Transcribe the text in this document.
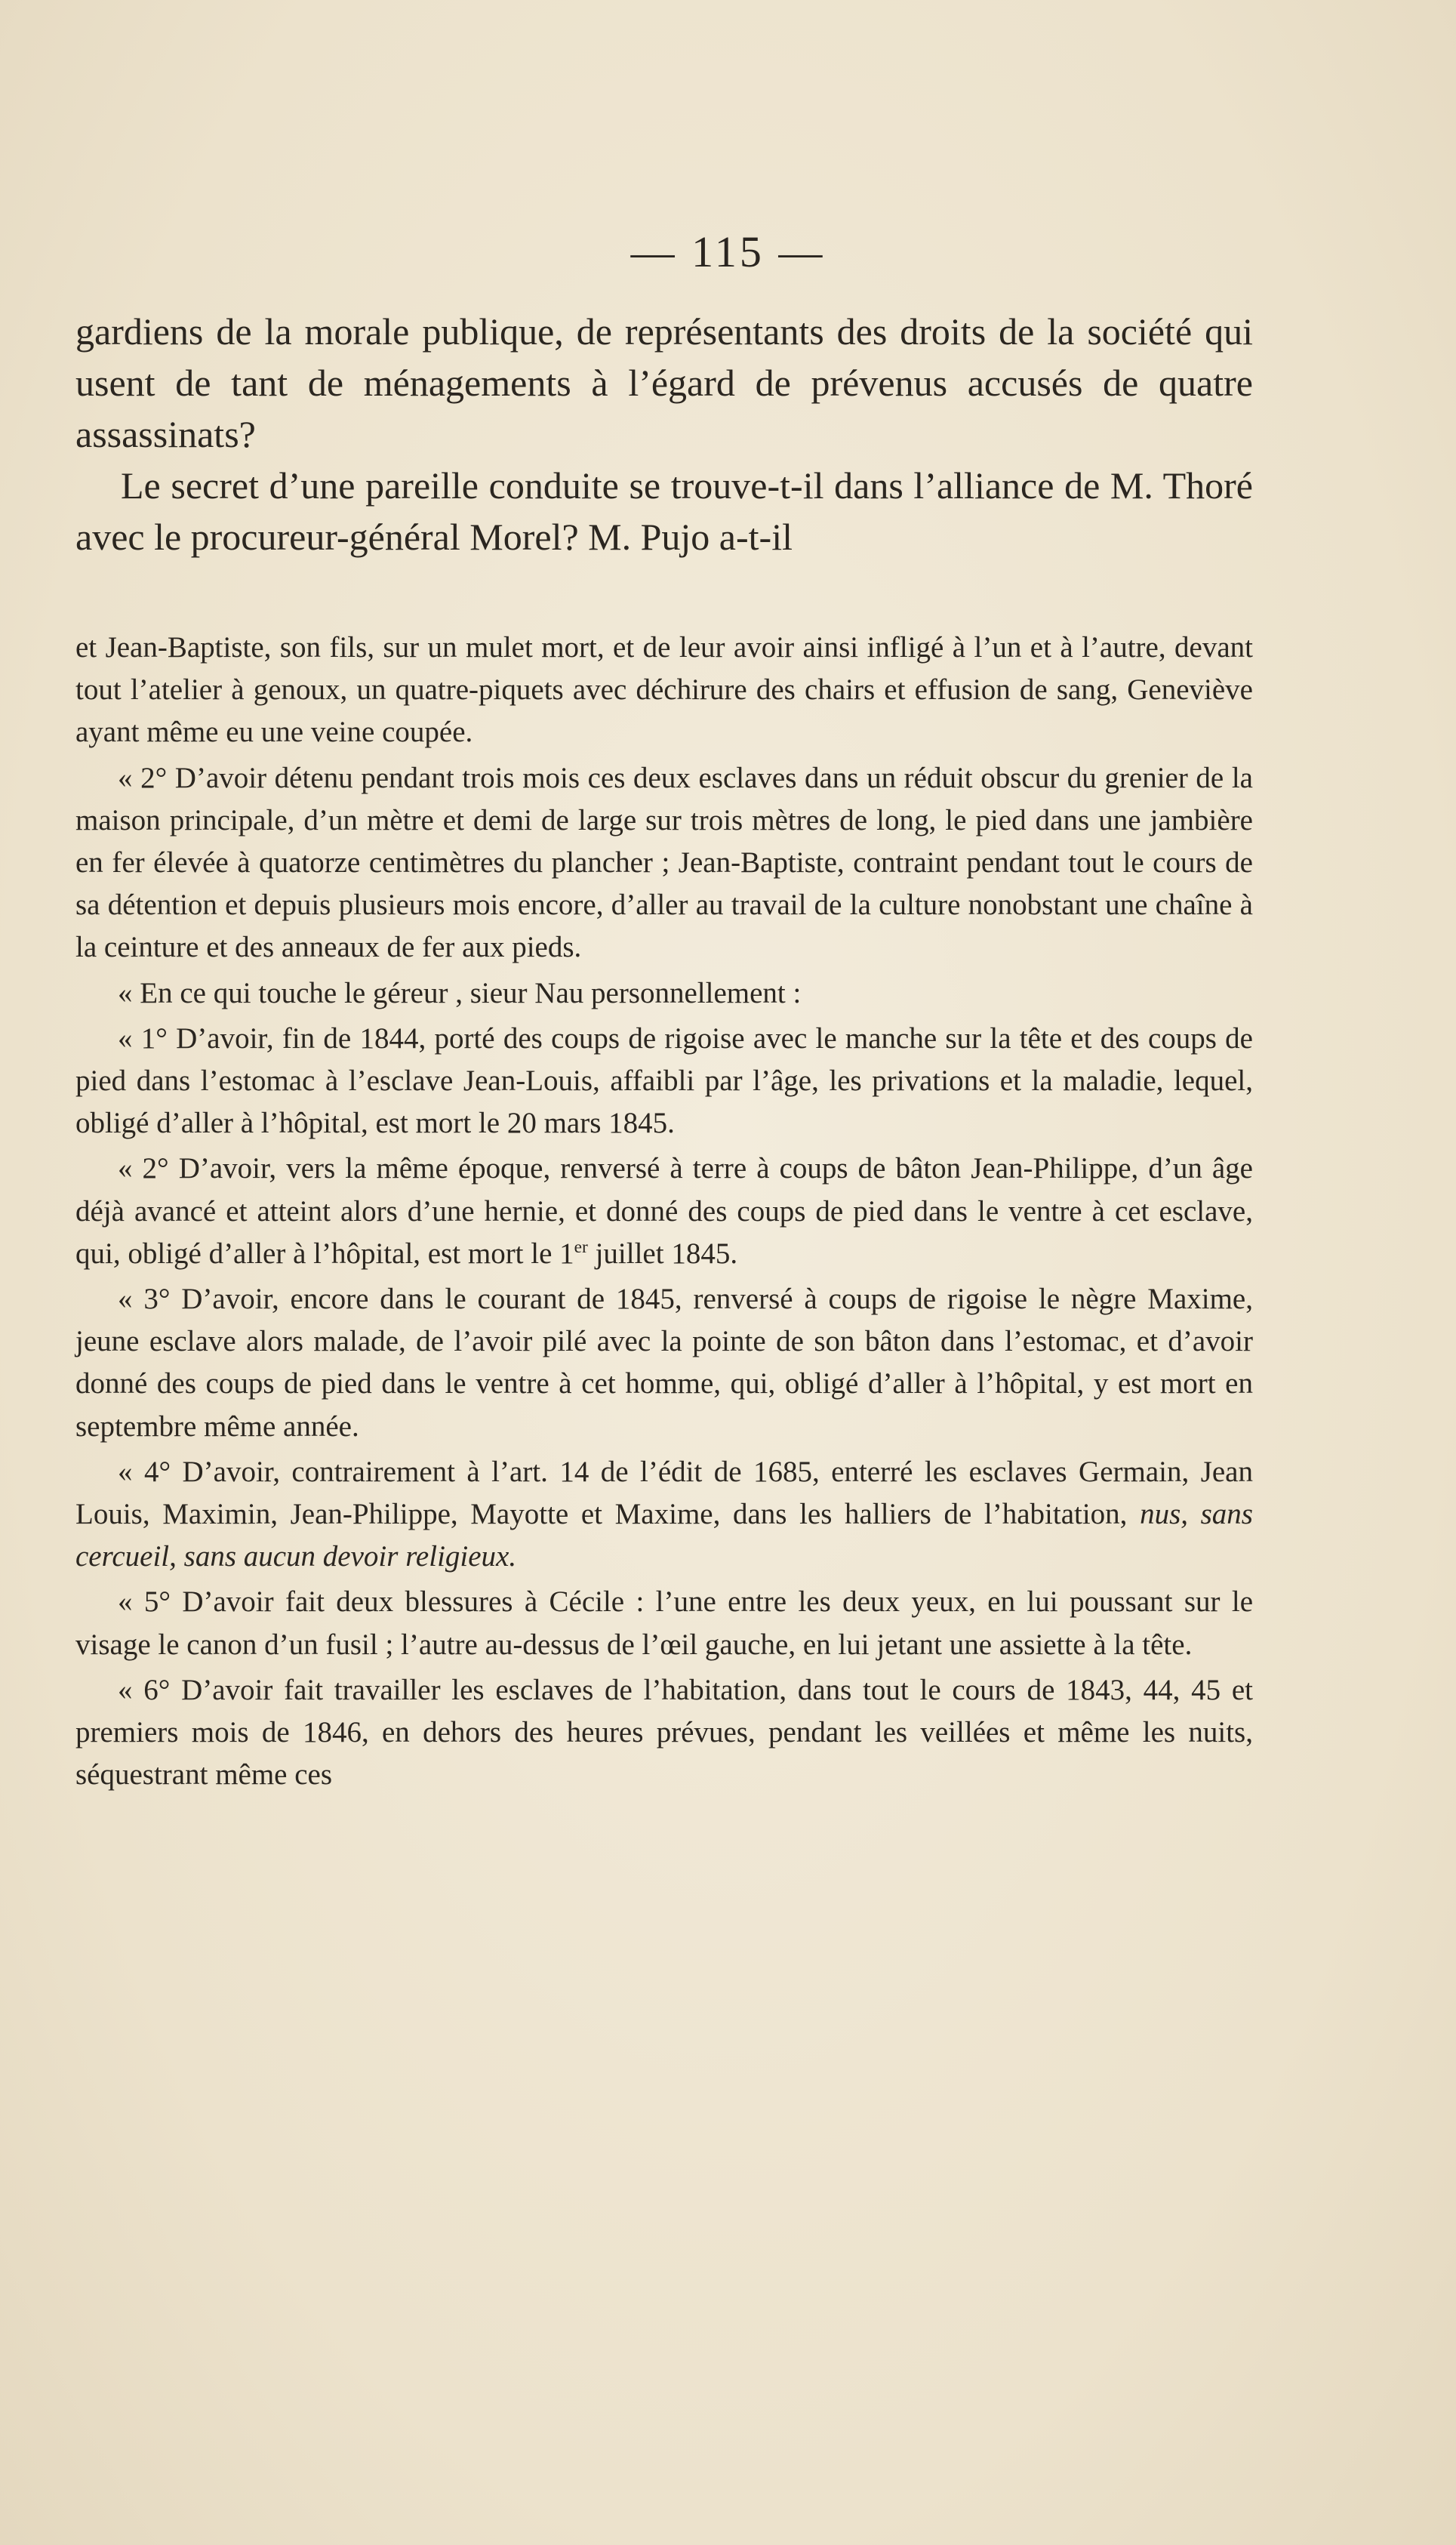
— 115 —

gardiens de la morale publique, de représentants des droits de la société qui usent de tant de ménagements à l’égard de prévenus accusés de quatre assassinats?

Le secret d’une pareille conduite se trouve-t-il dans l’alliance de M. Thoré avec le procureur-général Morel? M. Pujo a-t-il

et Jean-Baptiste, son fils, sur un mulet mort, et de leur avoir ainsi infligé à l’un et à l’autre, devant tout l’atelier à genoux, un quatre-piquets avec déchirure des chairs et effusion de sang, Geneviève ayant même eu une veine coupée.

« 2° D’avoir détenu pendant trois mois ces deux esclaves dans un réduit obscur du grenier de la maison principale, d’un mètre et demi de large sur trois mètres de long, le pied dans une jambière en fer élevée à quatorze centimètres du plancher ; Jean-Baptiste, contraint pendant tout le cours de sa détention et depuis plusieurs mois encore, d’aller au travail de la culture nonobstant une chaîne à la ceinture et des anneaux de fer aux pieds.

« En ce qui touche le géreur , sieur Nau personnellement :

« 1° D’avoir, fin de 1844, porté des coups de rigoise avec le manche sur la tête et des coups de pied dans l’estomac à l’esclave Jean-Louis, affaibli par l’âge, les privations et la maladie, lequel, obligé d’aller à l’hôpital, est mort le 20 mars 1845.

« 2° D’avoir, vers la même époque, renversé à terre à coups de bâton Jean-Philippe, d’un âge déjà avancé et atteint alors d’une hernie, et donné des coups de pied dans le ventre à cet esclave, qui, obligé d’aller à l’hôpital, est mort le 1er juillet 1845.

« 3° D’avoir, encore dans le courant de 1845, renversé à coups de rigoise le nègre Maxime, jeune esclave alors malade, de l’avoir pilé avec la pointe de son bâton dans l’estomac, et d’avoir donné des coups de pied dans le ventre à cet homme, qui, obligé d’aller à l’hôpital, y est mort en septembre même année.

« 4° D’avoir, contrairement à l’art. 14 de l’édit de 1685, enterré les esclaves Germain, Jean Louis, Maximin, Jean-Philippe, Mayotte et Maxime, dans les halliers de l’habitation, nus, sans cercueil, sans aucun devoir religieux.

« 5° D’avoir fait deux blessures à Cécile : l’une entre les deux yeux, en lui poussant sur le visage le canon d’un fusil ; l’autre au-dessus de l’œil gauche, en lui jetant une assiette à la tête.

« 6° D’avoir fait travailler les esclaves de l’habitation, dans tout le cours de 1843, 44, 45 et premiers mois de 1846, en dehors des heures prévues, pendant les veillées et même les nuits, séquestrant même ces
